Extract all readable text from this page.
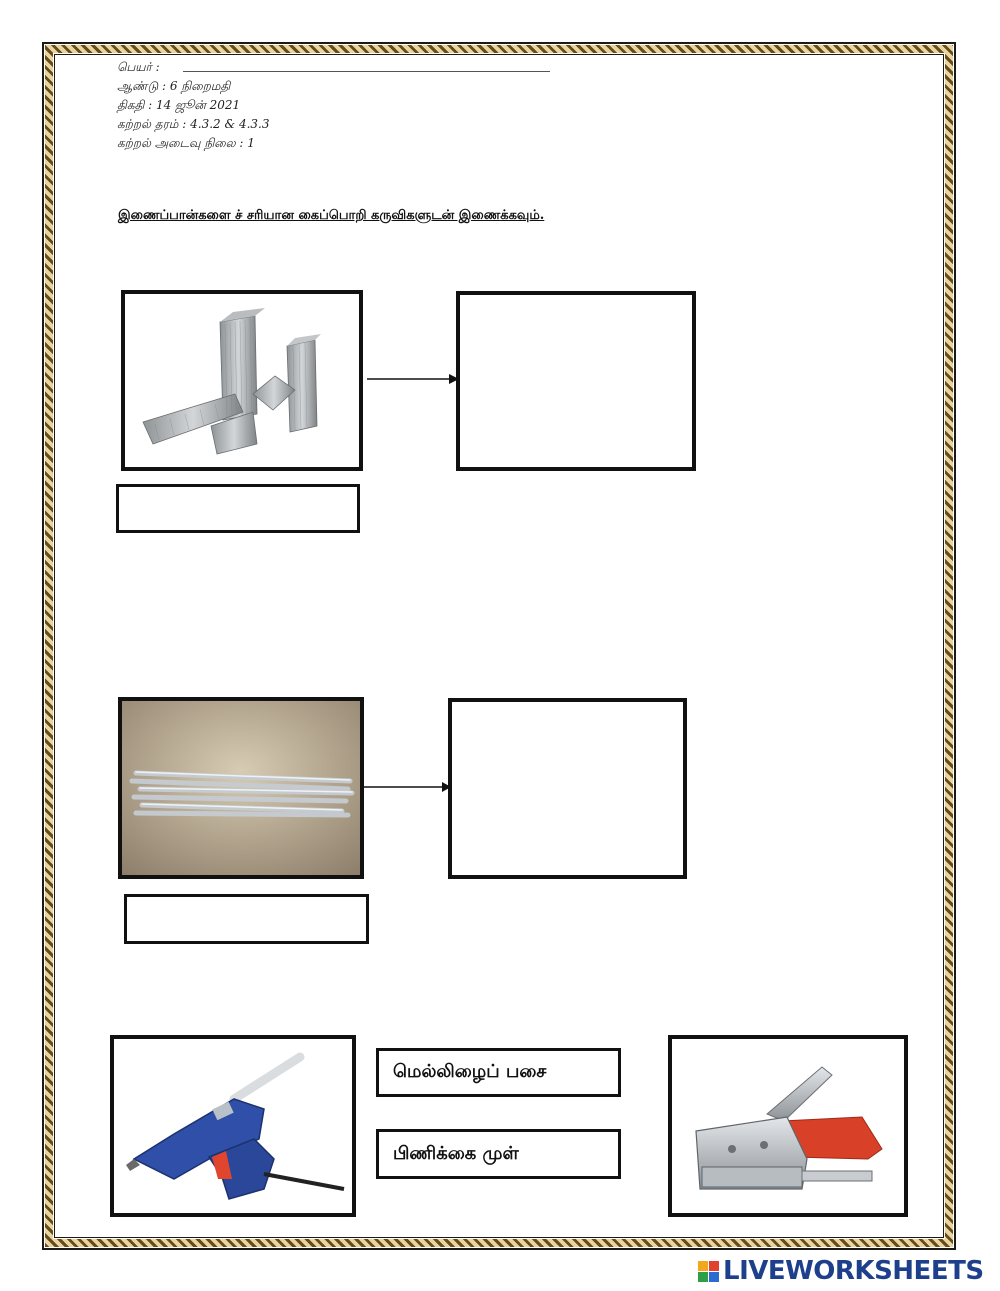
பெயர் :
ஆண்டு : 6 நிறைமதி
திகதி : 14 ஜூன் 2021
கற்றல் தரம் : 4.3.2 & 4.3.3
கற்றல் அடைவு நிலை : 1
இணைப்பான்களை ச் சரியான கைப்பொறி கருவிகளுடன் இணைக்கவும்.
மெல்லிழைப் பசை
பிணிக்கை முள்
LIVEWORKSHEETS
